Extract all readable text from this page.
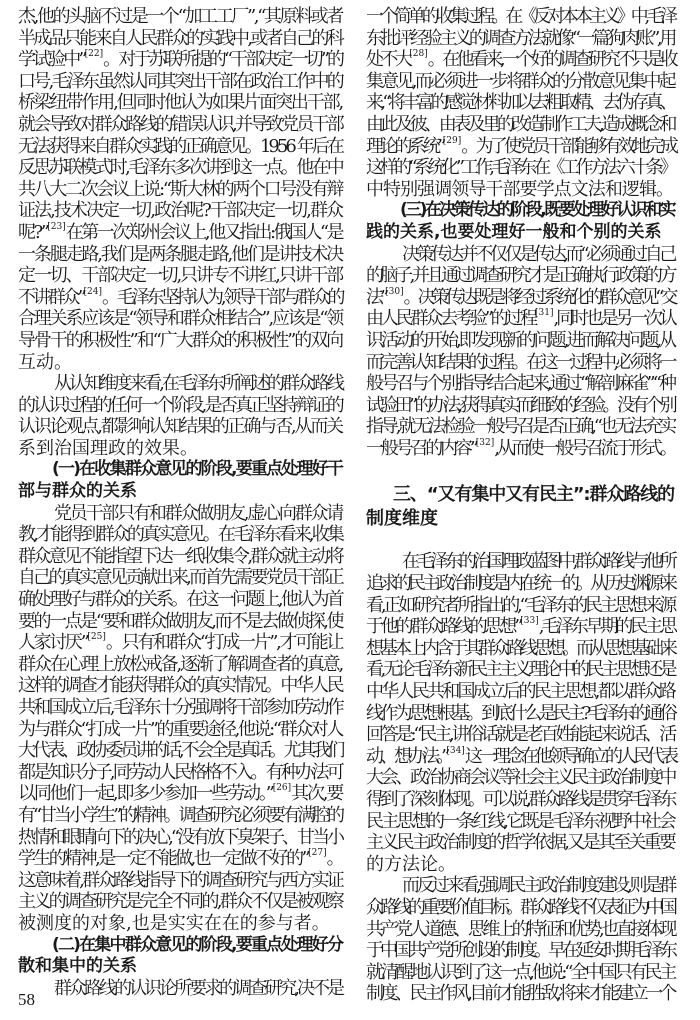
杰,他的头脑不过是一个“加工工厂”,“其原料或者
半成品只能来自人民群众的实践中,或者自己的科
学试验中”[22]。对于苏联所提的“干部决定一切”的
口号,毛泽东虽然认同其突出干部在政治工作中的
桥梁纽带作用,但同时他认为如果片面突出干部,
就会导致对群众路线的错误认识,并导致党员干部
无法获得来自群众实践的正确意见。1956 年后在
反思苏联模式时,毛泽东多次讲到这一点。他在中
共八大二次会议上说:“斯大林的两个口号没有辩
证法,技术决定一切,政治呢?干部决定一切,群众
呢?”[23]在第一次郑州会议上,他又指出:俄国人“是
一条腿走路,我们是两条腿走路,他们是讲技术决
定一切、干部决定一切,只讲专不讲红,只讲干部
不讲群众”[24]。毛泽东坚持认为,领导干部与群众的
合理关系应该是“领导和群众相结合”,应该是“领
导骨干的积极性”和“广大群众的积极性”的双向
互动。
从认知维度来看,在毛泽东所阐述的群众路线
的认识过程的任何一个阶段,是否真正坚持辩证的
认识论观点,都影响认知结果的正确与否,从而关
系到治国理政的效果。
(一)在收集群众意见的阶段,要重点处理好干
部与群众的关系
党员干部只有和群众做朋友,虚心向群众请
教,才能得到群众的真实意见。在毛泽东看来,收集
群众意见不能指望下达一纸收集令,群众就主动将
自己的真实意见贡献出来,而首先需要党员干部正
确处理好与群众的关系。在这一问题上,他认为首
要的一点是“要和群众做朋友,而不是去做侦探,使
人家讨厌”[25]。只有和群众“打成一片”,才可能让
群众在心理上放松戒备,逐渐了解调查者的真意,
这样的调查才能获得群众的真实情况。中华人民
共和国成立后,毛泽东十分强调将干部参加劳动作
为与群众“打成一片”的重要途径,他说:“群众对人
大代表、政协委员讲的话,不会全是真话。尤其我们
都是知识分子,同劳动人民格格不入。有种办法可
以同他们一起,即多少参加一些劳动。”[26]其次,要
有“甘当小学生”的精神。调查研究必须要有满腔的
热情和眼睛向下的决心,“没有放下臭架子、甘当小
学生的精神,是一定不能做,也一定做不好的”[27]。
这意味着,群众路线指导下的调查研究与西方实证
主义的调查研究是完全不同的,群众不仅是被观察
被测度的对象,也是实实在在的参与者。
(二)在集中群众意见的阶段,要重点处理好分
散和集中的关系
群众路线的认识论所要求的调查研究,决不是
一个简单的收集过程。在《反对本本主义》中,毛泽
东批评经验主义的调查方法就像“一篇狗肉账”,用
处不大[28]。在他看来,一个好的调查研究不只是收
集意见,而必须进一步将群众的分散意见集中起
来,“将丰富的感觉材料加以去粗取精、去伪存真、
由此及彼、由表及里的改造制作工夫,造成概念和
理论的系统”[29]。为了使党员干部能够有效地完成
这样的“系统化”工作,毛泽东在《工作方法六十条》
中特别强调领导干部要学点文法和逻辑。
(三)在决策传达的阶段,既要处理好认识和实
践的关系,也要处理好一般和个别的关系
决策传达并不仅仅是传达,而“必须通过自己
的脑子,并且通过调查研究才是正确执行政策的方
法”[30]。决策传达既是将经过系统化的群众意见“交
由人民群众去考验”的过程[31],同时也是另一次认
识活动的开始,即发现新的问题,进而解决问题,从
而完善认知结果的过程。在这一过程中,必须将一
般号召与个别指导结合起来,通过“解剖麻雀”“种
试验田”的办法,获得真实而细致的经验。没有个别
指导,就无法检验一般号召是否正确,“也无法充实
一般号召的内容”[32],从而使一般号召流于形式。
三、“又有集中又有民主”:群众路线的
制度维度
在毛泽东的治国理政蓝图中,群众路线与他所
追求的民主政治制度是内在统一的。从历史渊源来
看,正如研究者所指出的,“毛泽东的民主思想来源
于他的群众路线的思想”[33],毛泽东早期的民主思
想基本上内含于其群众路线思想。而从思想基础来
看,无论毛泽东新民主主义理论中的民主思想还是
中华人民共和国成立后的民主思想,都以群众路
线作为思想根基。到底什么是民主?毛泽东的通俗
回答是:“民主,讲俗话就是老百姓能起来说话、活
动、想办法。”[34]这一理念在他领导确立的人民代表
大会、政治协商会议等社会主义民主政治制度中
得到了深刻体现。可以说,群众路线是贯穿毛泽东
民主思想的一条红线,它既是毛泽东视野中社会
主义民主政治制度的哲学依据,又是其至关重要
的方法论。
而反过来看,强调民主政治制度建设,则是群
众路线的重要价值目标。群众路线不仅表征为中国
共产党人道德、思维上的特征和优势,也直接体现
于中国共产党所创设的制度。早在延安时期毛泽东
就清醒地认识到了这一点,他说:“全中国只有民主
制度、民主作风,目前才能胜敌,将来才能建立一个
58
